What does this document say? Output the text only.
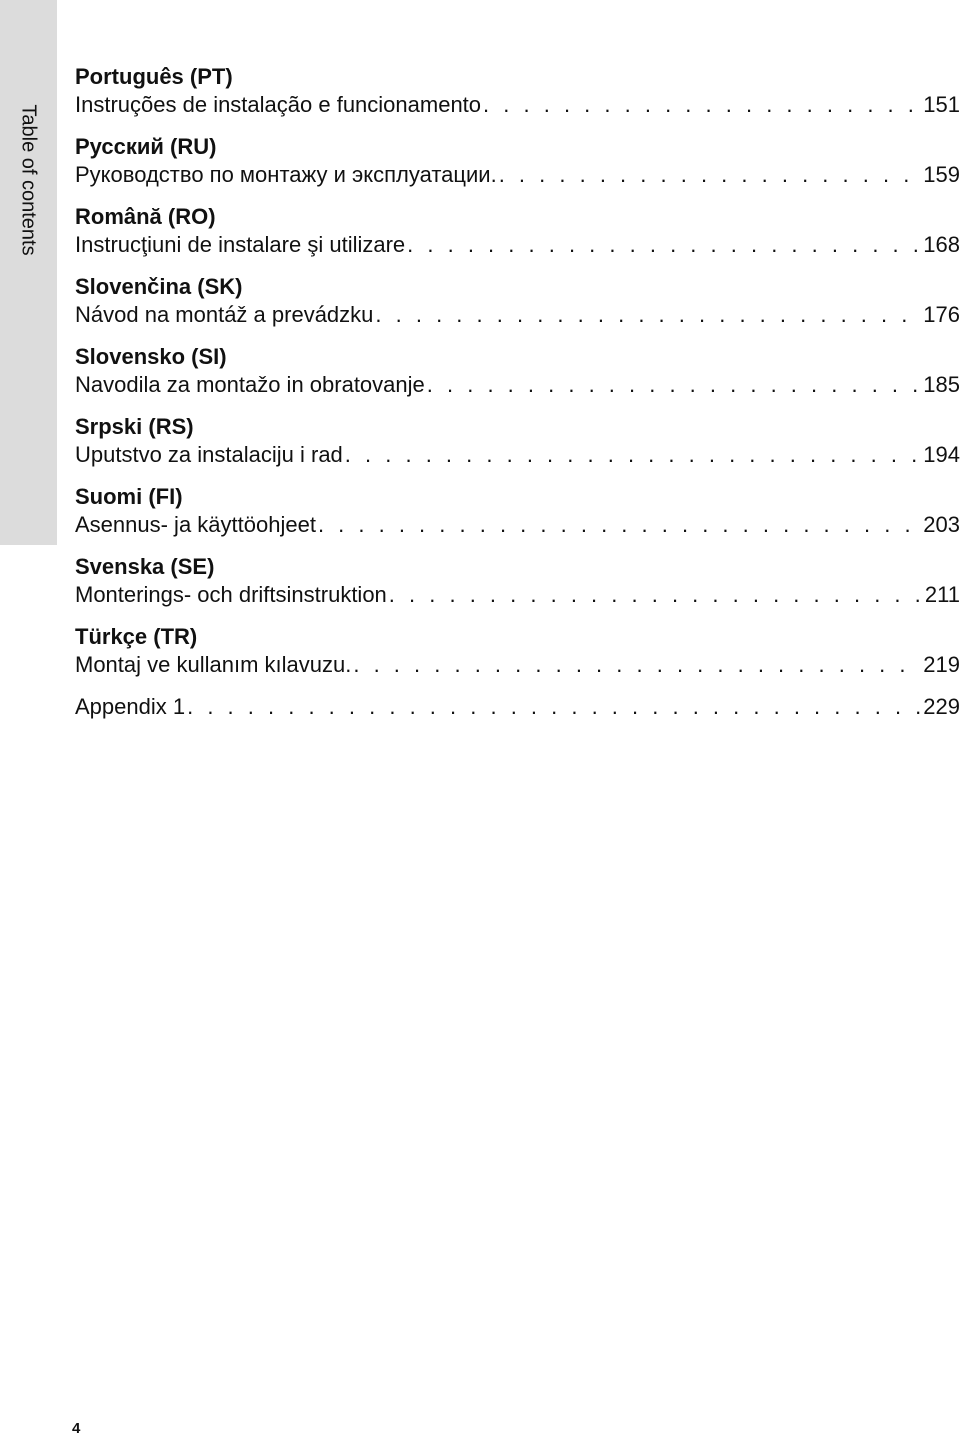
Table of contents
Português (PT)
Instruções de instalação e funcionamento . . .	151
Русский (RU)
Руководство по монтажу и эксплуатации. . . .	159
Română (RO)
Instrucţiuni de instalare şi utilizare . . .	168
Slovenčina (SK)
Návod na montáž a prevádzku . . .	176
Slovensko (SI)
Navodila za montažo in obratovanje . . .	185
Srpski (RS)
Uputstvo za instalaciju i rad . . .	194
Suomi (FI)
Asennus- ja käyttöohjeet . . .	203
Svenska (SE)
Monterings- och driftsinstruktion . . .	211
Türkçe (TR)
Montaj ve kullanım kılavuzu. . . .	219
Appendix 1 . . .	229
4
